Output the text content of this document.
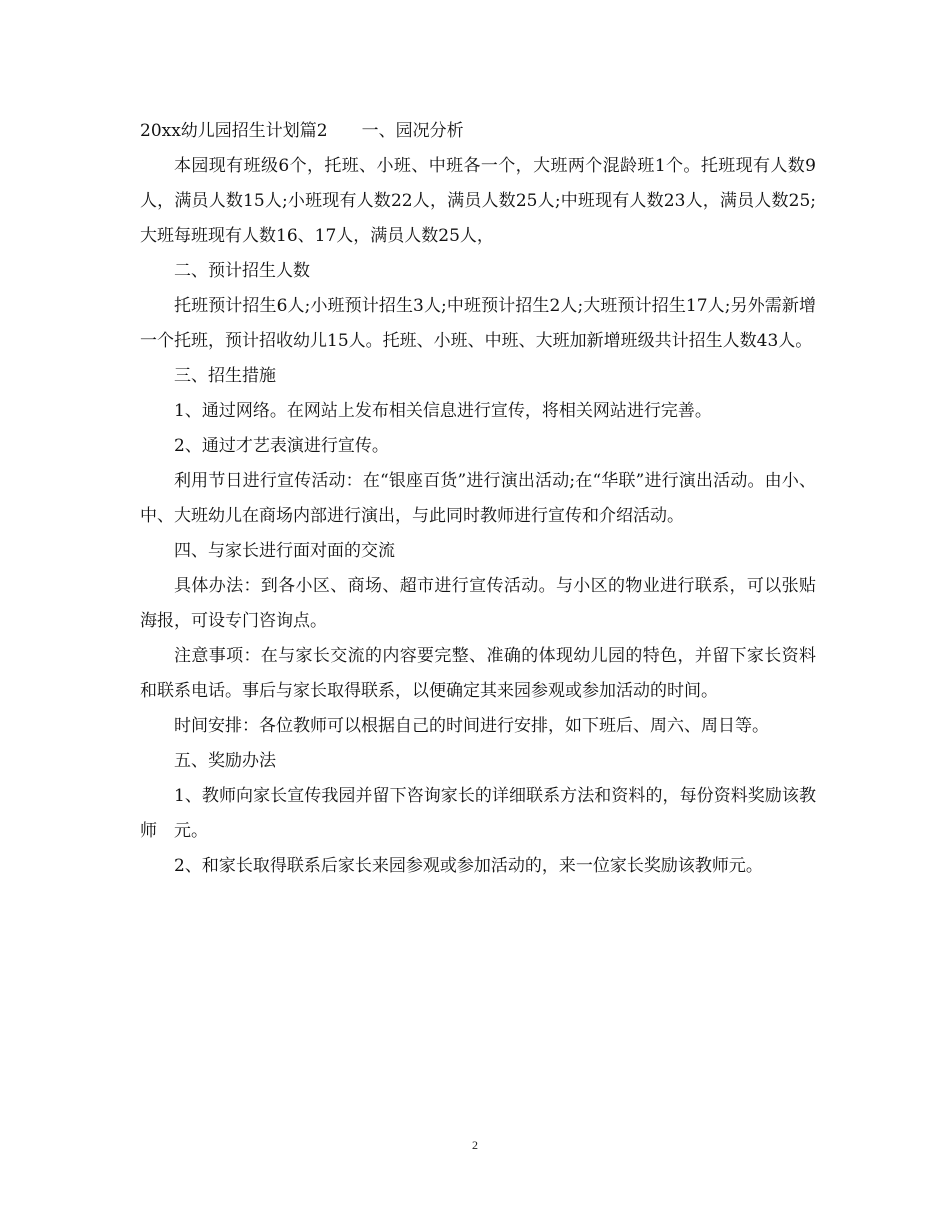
20xx幼儿园招生计划篇2　　一、园况分析

本园现有班级6个，托班、小班、中班各一个，大班两个混龄班1个。托班现有人数9人，满员人数15人;小班现有人数22人，满员人数25人;中班现有人数23人，满员人数25;大班每班现有人数16、17人，满员人数25人，

二、预计招生人数

托班预计招生6人;小班预计招生3人;中班预计招生2人;大班预计招生17人;另外需新增一个托班，预计招收幼儿15人。托班、小班、中班、大班加新增班级共计招生人数43人。

三、招生措施

1、通过网络。在网站上发布相关信息进行宣传，将相关网站进行完善。

2、通过才艺表演进行宣传。

利用节日进行宣传活动：在“银座百货”进行演出活动;在“华联”进行演出活动。由小、中、大班幼儿在商场内部进行演出，与此同时教师进行宣传和介绍活动。

四、与家长进行面对面的交流

具体办法：到各小区、商场、超市进行宣传活动。与小区的物业进行联系，可以张贴海报，可设专门咨询点。

注意事项：在与家长交流的内容要完整、准确的体现幼儿园的特色，并留下家长资料和联系电话。事后与家长取得联系，以便确定其来园参观或参加活动的时间。

时间安排：各位教师可以根据自己的时间进行安排，如下班后、周六、周日等。

五、奖励办法

1、教师向家长宣传我园并留下咨询家长的详细联系方法和资料的，每份资料奖励该教师　元。

2、和家长取得联系后家长来园参观或参加活动的，来一位家长奖励该教师元。

2
